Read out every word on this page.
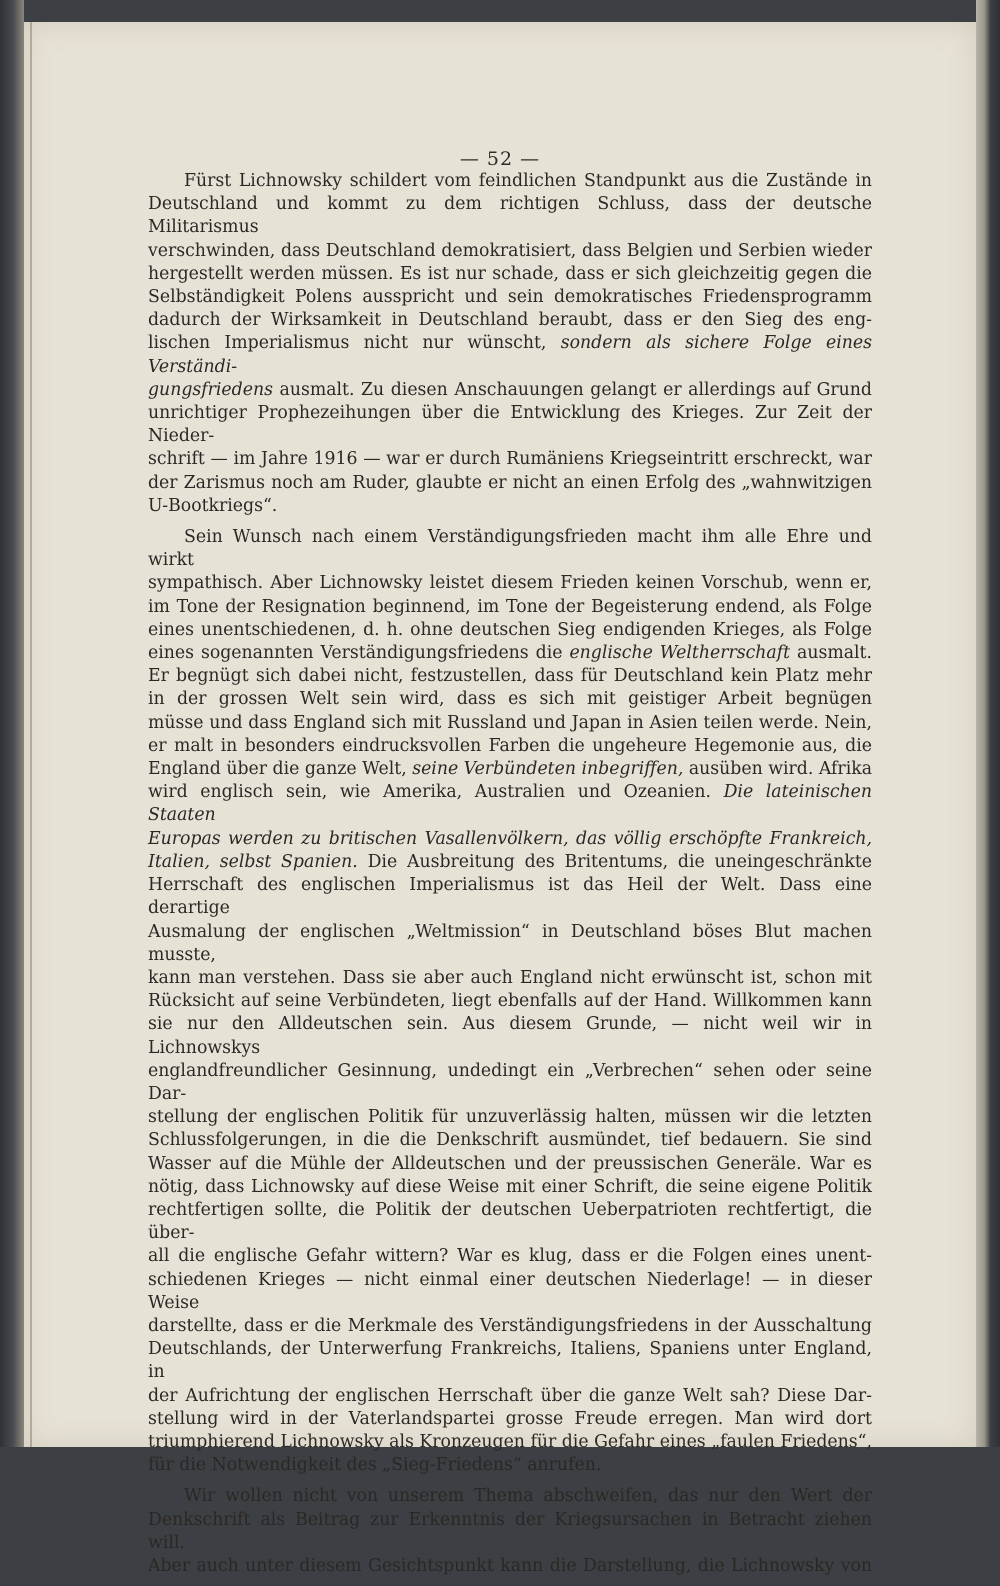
— 52 —

Fürst Lichnowsky schildert vom feindlichen Standpunkt aus die Zustände in
Deutschland und kommt zu dem richtigen Schluss, dass der deutsche Militarismus
verschwinden, dass Deutschland demokratisiert, dass Belgien und Serbien wieder
hergestellt werden müssen. Es ist nur schade, dass er sich gleichzeitig gegen die
Selbständigkeit Polens ausspricht und sein demokratisches Friedensprogramm
dadurch der Wirksamkeit in Deutschland beraubt, dass er den Sieg des eng-
lischen Imperialismus nicht nur wünscht, sondern als sichere Folge eines Verständi-
gungsfriedens ausmalt. Zu diesen Anschauungen gelangt er allerdings auf Grund
unrichtiger Prophezeihungen über die Entwicklung des Krieges. Zur Zeit der Nieder-
schrift — im Jahre 1916 — war er durch Rumäniens Kriegseintritt erschreckt, war
der Zarismus noch am Ruder, glaubte er nicht an einen Erfolg des „wahnwitzigen
U-Bootkriegs“.

Sein Wunsch nach einem Verständigungsfrieden macht ihm alle Ehre und wirkt
sympathisch. Aber Lichnowsky leistet diesem Frieden keinen Vorschub, wenn er,
im Tone der Resignation beginnend, im Tone der Begeisterung endend, als Folge
eines unentschiedenen, d. h. ohne deutschen Sieg endigenden Krieges, als Folge
eines sogenannten Verständigungsfriedens die englische Weltherrschaft ausmalt.
Er begnügt sich dabei nicht, festzustellen, dass für Deutschland kein Platz mehr
in der grossen Welt sein wird, dass es sich mit geistiger Arbeit begnügen
müsse und dass England sich mit Russland und Japan in Asien teilen werde. Nein,
er malt in besonders eindrucksvollen Farben die ungeheure Hegemonie aus, die
England über die ganze Welt, seine Verbündeten inbegriffen, ausüben wird. Afrika
wird englisch sein, wie Amerika, Australien und Ozeanien. Die lateinischen Staaten
Europas werden zu britischen Vasallenvölkern, das völlig erschöpfte Frankreich,
Italien, selbst Spanien. Die Ausbreitung des Britentums, die uneingeschränkte
Herrschaft des englischen Imperialismus ist das Heil der Welt. Dass eine derartige
Ausmalung der englischen „Weltmission“ in Deutschland böses Blut machen musste,
kann man verstehen. Dass sie aber auch England nicht erwünscht ist, schon mit
Rücksicht auf seine Verbündeten, liegt ebenfalls auf der Hand. Willkommen kann
sie nur den Alldeutschen sein. Aus diesem Grunde, — nicht weil wir in Lichnowskys
englandfreundlicher Gesinnung, undedingt ein „Verbrechen“ sehen oder seine Dar-
stellung der englischen Politik für unzuverlässig halten, müssen wir die letzten
Schlussfolgerungen, in die die Denkschrift ausmündet, tief bedauern. Sie sind
Wasser auf die Mühle der Alldeutschen und der preussischen Generäle. War es
nötig, dass Lichnowsky auf diese Weise mit einer Schrift, die seine eigene Politik
rechtfertigen sollte, die Politik der deutschen Ueberpatrioten rechtfertigt, die über-
all die englische Gefahr wittern? War es klug, dass er die Folgen eines unent-
schiedenen Krieges — nicht einmal einer deutschen Niederlage! — in dieser Weise
darstellte, dass er die Merkmale des Verständigungsfriedens in der Ausschaltung
Deutschlands, der Unterwerfung Frankreichs, Italiens, Spaniens unter England, in
der Aufrichtung der englischen Herrschaft über die ganze Welt sah? Diese Dar-
stellung wird in der Vaterlandspartei grosse Freude erregen. Man wird dort
triumphierend Lichnowsky als Kronzeugen für die Gefahr eines „faulen Friedens“,
für die Notwendigkeit des „Sieg-Friedens“ anrufen.

Wir wollen nicht von unserem Thema abschweifen, das nur den Wert der
Denkschrift als Beitrag zur Erkenntnis der Kriegsursachen in Betracht ziehen will.
Aber auch unter diesem Gesichtspunkt kann die Darstellung, die Lichnowsky von
